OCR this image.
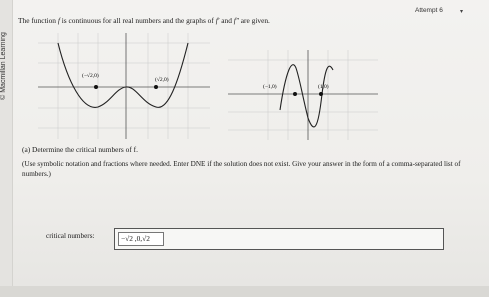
© Macmillan Learning
Attempt 6	▾
The function f is continuous for all real numbers and the graphs of f′ and f″ are given.
(−√2,0)
(√2,0)
(−1,0)	(1,0)
(a) Determine the critical numbers of f.
(Use symbolic notation and fractions where needed. Enter DNE if the solution does not exist. Give your answer in the form of a comma-separated list of numbers.)
critical numbers:	−√2 ,0,√2
